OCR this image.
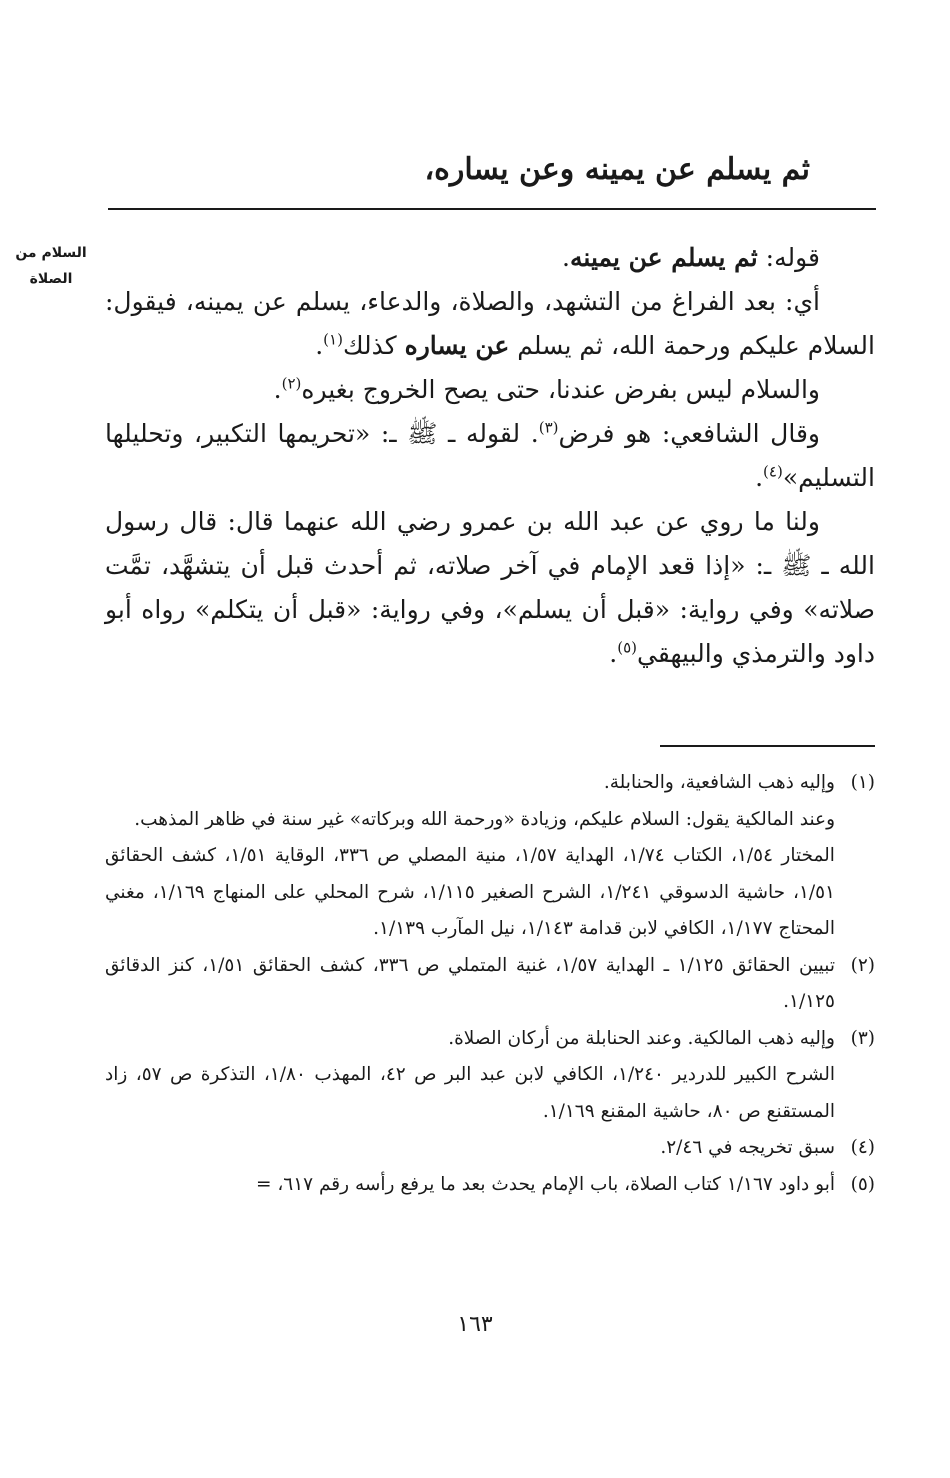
ثم يسلم عن يمينه وعن يساره،
السلام من
الصلاة

قوله: ثم يسلم عن يمينه.

أي: بعد الفراغ من التشهد، والصلاة، والدعاء، يسلم عن يمينه، فيقول: السلام عليكم ورحمة الله، ثم يسلم عن يساره كذلك$^{(١)}$.

والسلام ليس بفرض عندنا، حتى يصح الخروج بغيره$^{(٢)}$.

وقال الشافعي: هو فرض$^{(٣)}$. لقوله ـ ﷺ ـ: «تحريمها التكبير، وتحليلها التسليم»$^{(٤)}$.

ولنا ما روي عن عبد الله بن عمرو رضي الله عنهما قال: قال رسول الله ـ ﷺ ـ: «إذا قعد الإمام في آخر صلاته، ثم أحدث قبل أن يتشهَّد، تمَّت صلاته» وفي رواية: «قبل أن يسلم»، وفي رواية: «قبل أن يتكلم» رواه أبو داود والترمذي والبيهقي$^{(٥)}$.

(١)

وإليه ذهب الشافعية، والحنابلة.

وعند المالكية يقول: السلام عليكم، وزيادة «ورحمة الله وبركاته» غير سنة في ظاهر المذهب.

المختار ١/٥٤، الكتاب ١/٧٤، الهداية ١/٥٧، منية المصلي ص ٣٣٦، الوقاية ١/٥١، كشف الحقائق ١/٥١، حاشية الدسوقي ١/٢٤١، الشرح الصغير ١/١١٥، شرح المحلي على المنهاج ١/١٦٩، مغني المحتاج ١/١٧٧، الكافي لابن قدامة ١/١٤٣، نيل المآرب ١/١٣٩.

(٢)

تبيين الحقائق ١/١٢٥ ـ الهداية ١/٥٧، غنية المتملي ص ٣٣٦، كشف الحقائق ١/٥١، كنز الدقائق ١/١٢٥.

(٣)

وإليه ذهب المالكية. وعند الحنابلة من أركان الصلاة.

الشرح الكبير للدردير ١/٢٤٠، الكافي لابن عبد البر ص ٤٢، المهذب ١/٨٠، التذكرة ص ٥٧، زاد المستقنع ص ٨٠، حاشية المقنع ١/١٦٩.

(٤)

سبق تخريجه في ٢/٤٦.

(٥)

أبو داود ١/١٦٧ كتاب الصلاة، باب الإمام يحدث بعد ما يرفع رأسه رقم ٦١٧، =

١٦٣
